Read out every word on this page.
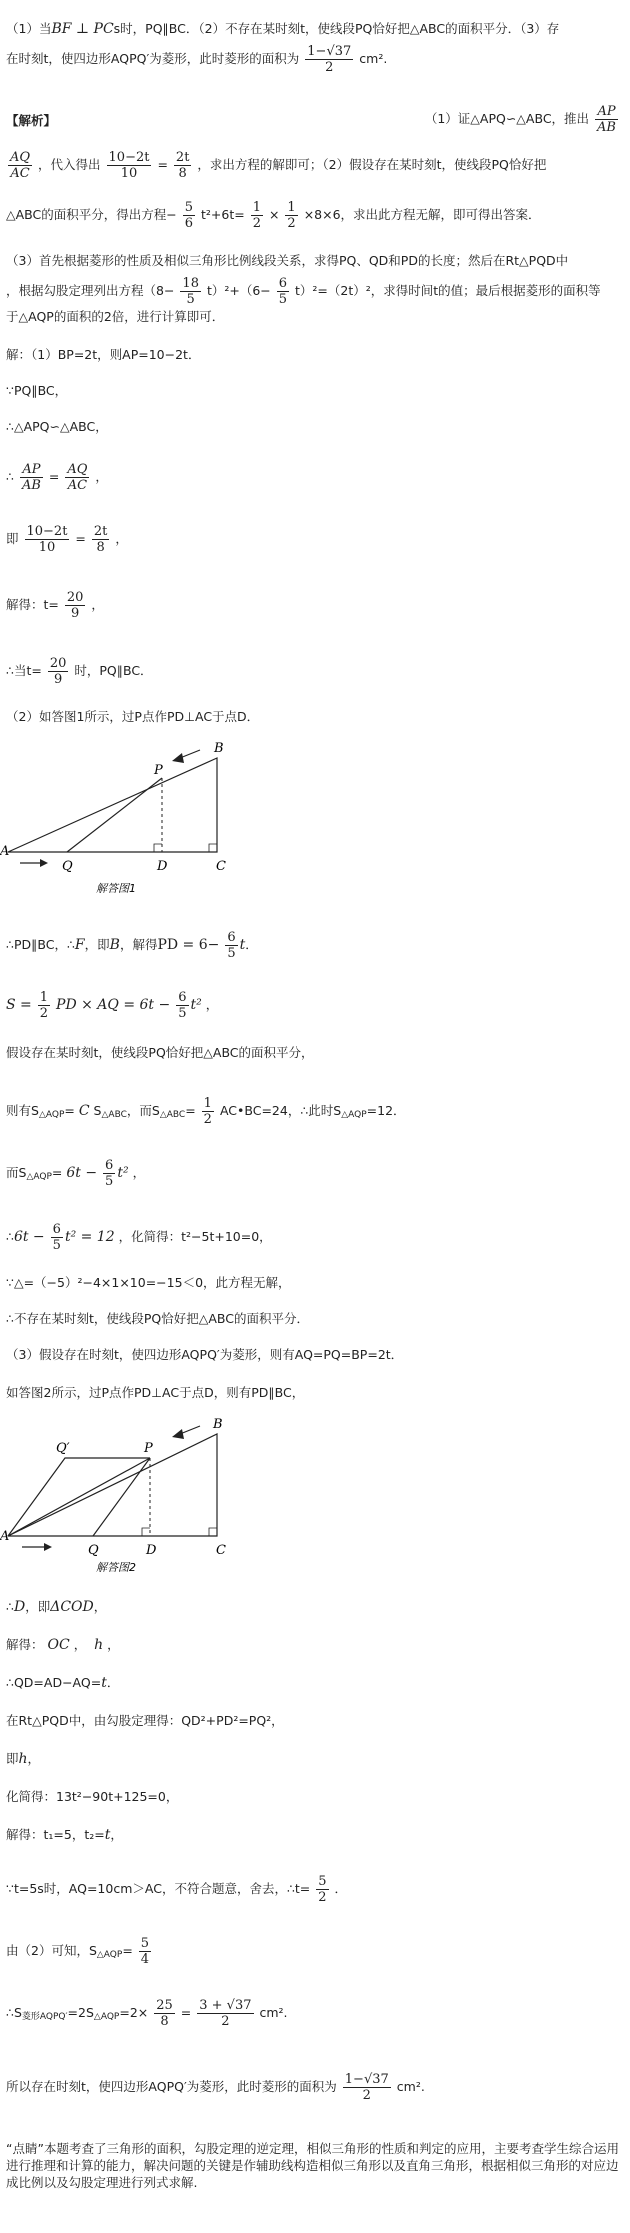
（1）当BF ⊥ PCs时，PQ∥BC．（2）不存在某时刻t，使线段PQ恰好把△ABC的面积平分．（3）存
在时刻t，使四边形AQPQ′为菱形，此时菱形的面积为 $\frac{1-√37}{2} cm^2$.
【解析】	（1）证△APQ∽△ABC，推出 $\frac{AP}{AB}$
$\frac{AQ}{AC}$ ，代入得出 $\frac{10-2t}{10} = \frac{2t}{8}$ ，求出方程的解即可；（2）假设存在某时刻t，使线段PQ恰好把
△ABC的面积平分，得出方程− $\frac{5}{6} t^2+6t= \frac{1}{2} \times \frac{1}{2} \times 8\times 6$，求出此方程无解，即可得出答案．
（3）首先根据菱形的性质及相似三角形比例线段关系，求得PQ、QD和PD的长度；然后在Rt△PQD中
，根据勾股定理列出方程$(8- \frac{18}{5} t)^2+(6- \frac{6}{5} t)^2=(2t)^2$，求得时间t的值；最后根据菱形的面积等
于△AQP的面积的2倍，进行计算即可．
解：（1）BP=2t，则AP=10−2t．
∵PQ∥BC，
∴△APQ∽△ABC，
∴ $\frac{AP}{AB} = \frac{AQ}{AC}$ ，
即 $\frac{10-2t}{10} = \frac{2t}{8}$ ，
解得：$t= \frac{20}{9}$ ，
∴当$t= \frac{20}{9}$ 时，PQ∥BC．
（2）如答图1所示，过P点作PD⊥AC于点D．
A
B
C
D
P
Q
解答图1
∴PD∥BC，∴F，即B，解得PD = $6- \frac{6}{5}$ t．
$S = \frac{1}{2}$ PD × AQ = $6t - \frac{6}{5} t^2$ ，
假设存在某时刻t，使线段PQ恰好把△ABC的面积平分，
则有$S_{\triangle AQP}= C$ $S_{\triangle ABC}$，而$S_{\triangle ABC}= \frac{1}{2}$ AC•BC=24，∴此时$S_{\triangle AQP}=12$．
而$S_{\triangle AQP}= 6t - \frac{6}{5} t^2$ ，
∴6t − $\frac{6}{5} t^2 = 12$ ，化简得：t²−5t+10=0，
∵△=（−5）²−4×1×10=−15＜0，此方程无解，
∴不存在某时刻t，使线段PQ恰好把△ABC的面积平分．
（3）假设存在时刻t，使四边形AQPQ′为菱形，则有AQ=PQ=BP=2t．
如答图2所示，过P点作PD⊥AC于点D，则有PD∥BC，
A
B
C
D
P
Q
Q′
解答图2
∴D，即ΔCOD，
解得： OC ， h ，
∴QD=AD−AQ=t．
在Rt△PQD中，由勾股定理得：QD²+PD²=PQ²，
即h，
化简得：13t²−90t+125=0，
解得：t₁=5，t₂=t，
∵t=5s时，AQ=10cm＞AC，不符合题意，舍去，∴t= $\frac{5}{2}$ ．
由（2）可知，$S_{\triangle AQP}= \frac{5}{4}$
$\therefore S_{菱形AQPQ'}=2S_{\triangle AQP}=2\times \frac{25}{8} = \frac{3 + √37}{2} cm^2$.
所以存在时刻t，使四边形AQPQ′为菱形，此时菱形的面积为 $\frac{1-√37}{2} cm^2$.
“点睛”本题考查了三角形的面积，勾股定理的逆定理，相似三角形的性质和判定的应用，主要考查学生综合运用进行推理和计算的能力，解决问题的关键是作辅助线构造相似三角形以及直角三角形，根据相似三角形的对应边成比例以及勾股定理进行列式求解.
